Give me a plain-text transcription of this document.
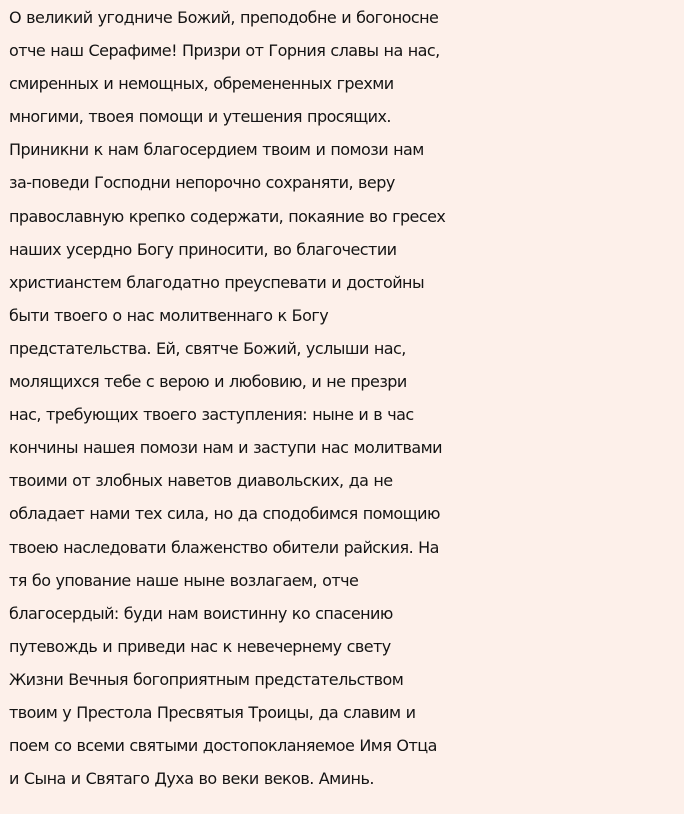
О великий угодниче Божий, преподобне и богоносне
отче наш Серафиме! Призри от Горния славы на нас,
смиренных и немощных, обремененных грехми
многими, твоея помощи и утешения просящих.
Приникни к нам благосердием твоим и помози нам
за-поведи Господни непорочно сохраняти, веру
православную крепко содержати, покаяние во гресех
наших усердно Богу приносити, во благочестии
христианстем благодатно преуспевати и достойны
быти твоего о нас молитвеннаго к Богу
предстательства. Ей, святче Божий, услыши нас,
молящихся тебе с верою и любовию, и не презри
нас, требующих твоего заступления: ныне и в час
кончины нашея помози нам и заступи нас молитвами
твоими от злобных наветов диавольских, да не
обладает нами тех сила, но да сподобимся помощию
твоею наследовати блаженство обители райския. На
тя бо упование наше ныне возлагаем, отче
благосердый: буди нам воистинну ко спасению
путевождь и приведи нас к невечернему свету
Жизни Вечныя богоприятным предстательством
твоим у Престола Пресвятыя Троицы, да славим и
поем со всеми святыми достопокланяемое Имя Отца
и Сына и Святаго Духа во веки веков. Аминь.
